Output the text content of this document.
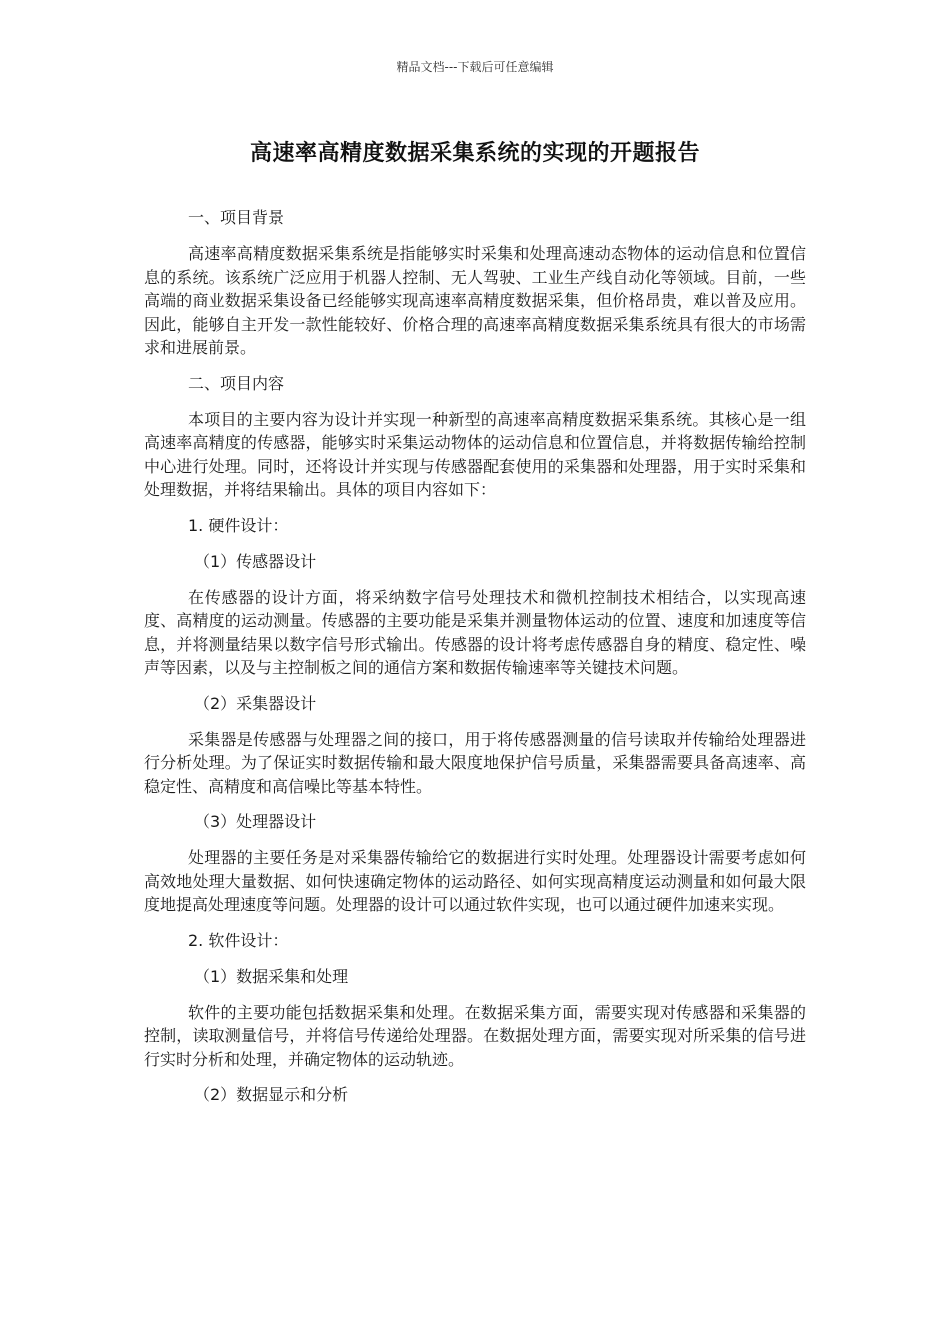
精品文档---下载后可任意编辑
高速率高精度数据采集系统的实现的开题报告
一、项目背景

高速率高精度数据采集系统是指能够实时采集和处理高速动态物体的运动信息和位置信息的系统。该系统广泛应用于机器人控制、无人驾驶、工业生产线自动化等领域。目前，一些高端的商业数据采集设备已经能够实现高速率高精度数据采集，但价格昂贵，难以普及应用。因此，能够自主开发一款性能较好、价格合理的高速率高精度数据采集系统具有很大的市场需求和进展前景。

二、项目内容

本项目的主要内容为设计并实现一种新型的高速率高精度数据采集系统。其核心是一组高速率高精度的传感器，能够实时采集运动物体的运动信息和位置信息，并将数据传输给控制中心进行处理。同时，还将设计并实现与传感器配套使用的采集器和处理器，用于实时采集和处理数据，并将结果输出。具体的项目内容如下：

1. 硬件设计：
（1）传感器设计

在传感器的设计方面，将采纳数字信号处理技术和微机控制技术相结合，以实现高速度、高精度的运动测量。传感器的主要功能是采集并测量物体运动的位置、速度和加速度等信息，并将测量结果以数字信号形式输出。传感器的设计将考虑传感器自身的精度、稳定性、噪声等因素，以及与主控制板之间的通信方案和数据传输速率等关键技术问题。

（2）采集器设计

采集器是传感器与处理器之间的接口，用于将传感器测量的信号读取并传输给处理器进行分析处理。为了保证实时数据传输和最大限度地保护信号质量，采集器需要具备高速率、高稳定性、高精度和高信噪比等基本特性。

（3）处理器设计

处理器的主要任务是对采集器传输给它的数据进行实时处理。处理器设计需要考虑如何高效地处理大量数据、如何快速确定物体的运动路径、如何实现高精度运动测量和如何最大限度地提高处理速度等问题。处理器的设计可以通过软件实现，也可以通过硬件加速来实现。

2. 软件设计：
（1）数据采集和处理

软件的主要功能包括数据采集和处理。在数据采集方面，需要实现对传感器和采集器的控制，读取测量信号，并将信号传递给处理器。在数据处理方面，需要实现对所采集的信号进行实时分析和处理，并确定物体的运动轨迹。

（2）数据显示和分析
